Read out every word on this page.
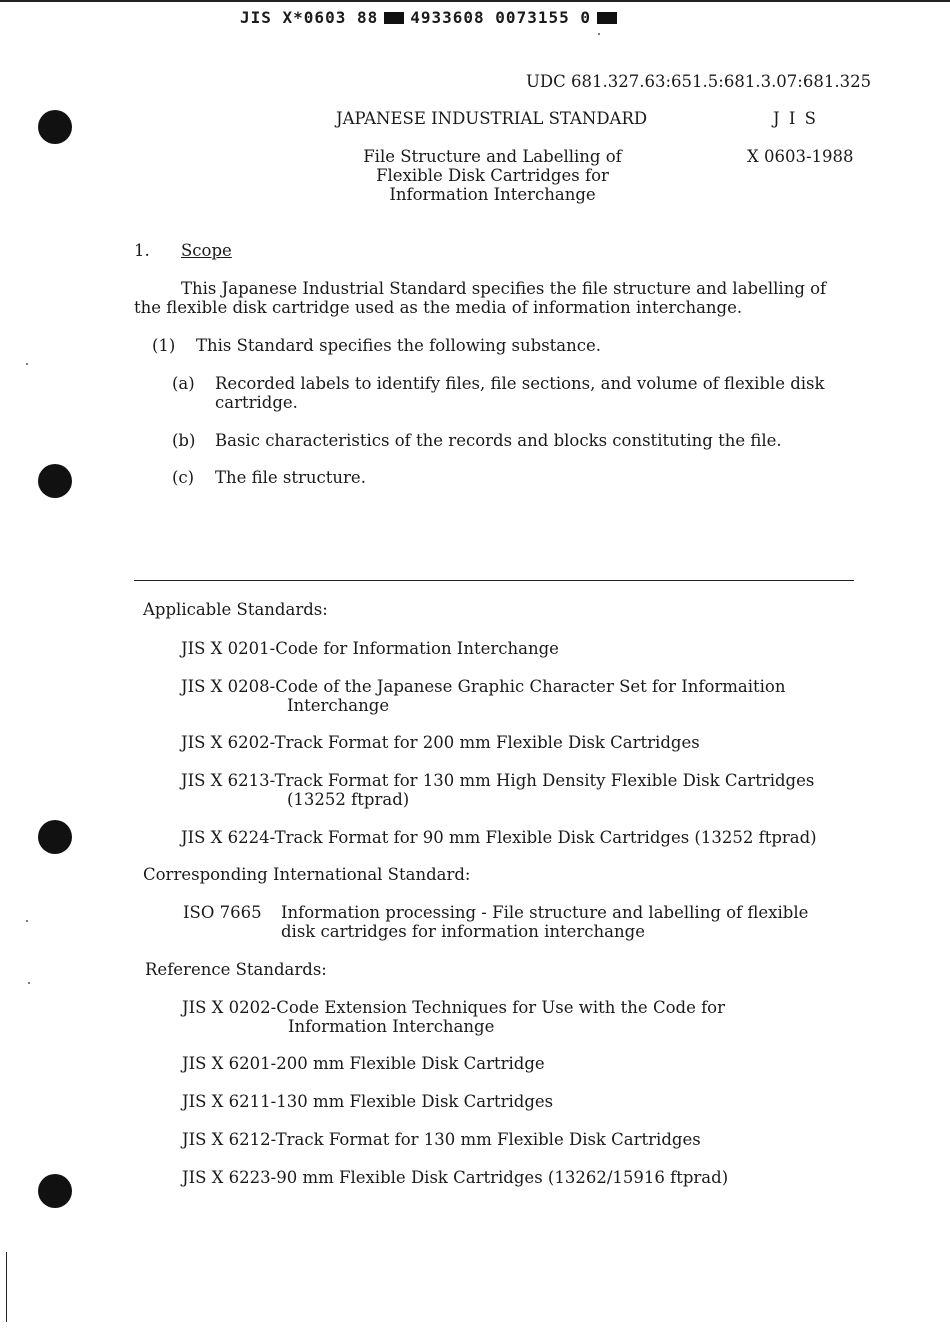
JIS X*0603 88 4933608 0073155 0
UDC 681.327.63:651.5:681.3.07:681.325
JAPANESE INDUSTRIAL STANDARD	J I S
File Structure and Labelling of
Flexible Disk Cartridges for
Information Interchange
X 0603-1988
1. Scope
This Japanese Industrial Standard specifies the file structure and labelling of
the flexible disk cartridge used as the media of information interchange.
(1) This Standard specifies the following substance.
(a) Recorded labels to identify files, file sections, and volume of flexible disk
cartridge.
(b) Basic characteristics of the records and blocks constituting the file.
(c) The file structure.
Applicable Standards:
JIS X 0201-Code for Information Interchange
JIS X 0208-Code of the Japanese Graphic Character Set for Informaition
Interchange
JIS X 6202-Track Format for 200 mm Flexible Disk Cartridges
JIS X 6213-Track Format for 130 mm High Density Flexible Disk Cartridges
(13252 ftprad)
JIS X 6224-Track Format for 90 mm Flexible Disk Cartridges (13252 ftprad)
Corresponding International Standard:
ISO 7665 Information processing - File structure and labelling of flexible
disk cartridges for information interchange
Reference Standards:
JIS X 0202-Code Extension Techniques for Use with the Code for
Information Interchange
JIS X 6201-200 mm Flexible Disk Cartridge
JIS X 6211-130 mm Flexible Disk Cartridges
JIS X 6212-Track Format for 130 mm Flexible Disk Cartridges
JIS X 6223-90 mm Flexible Disk Cartridges (13262/15916 ftprad)
